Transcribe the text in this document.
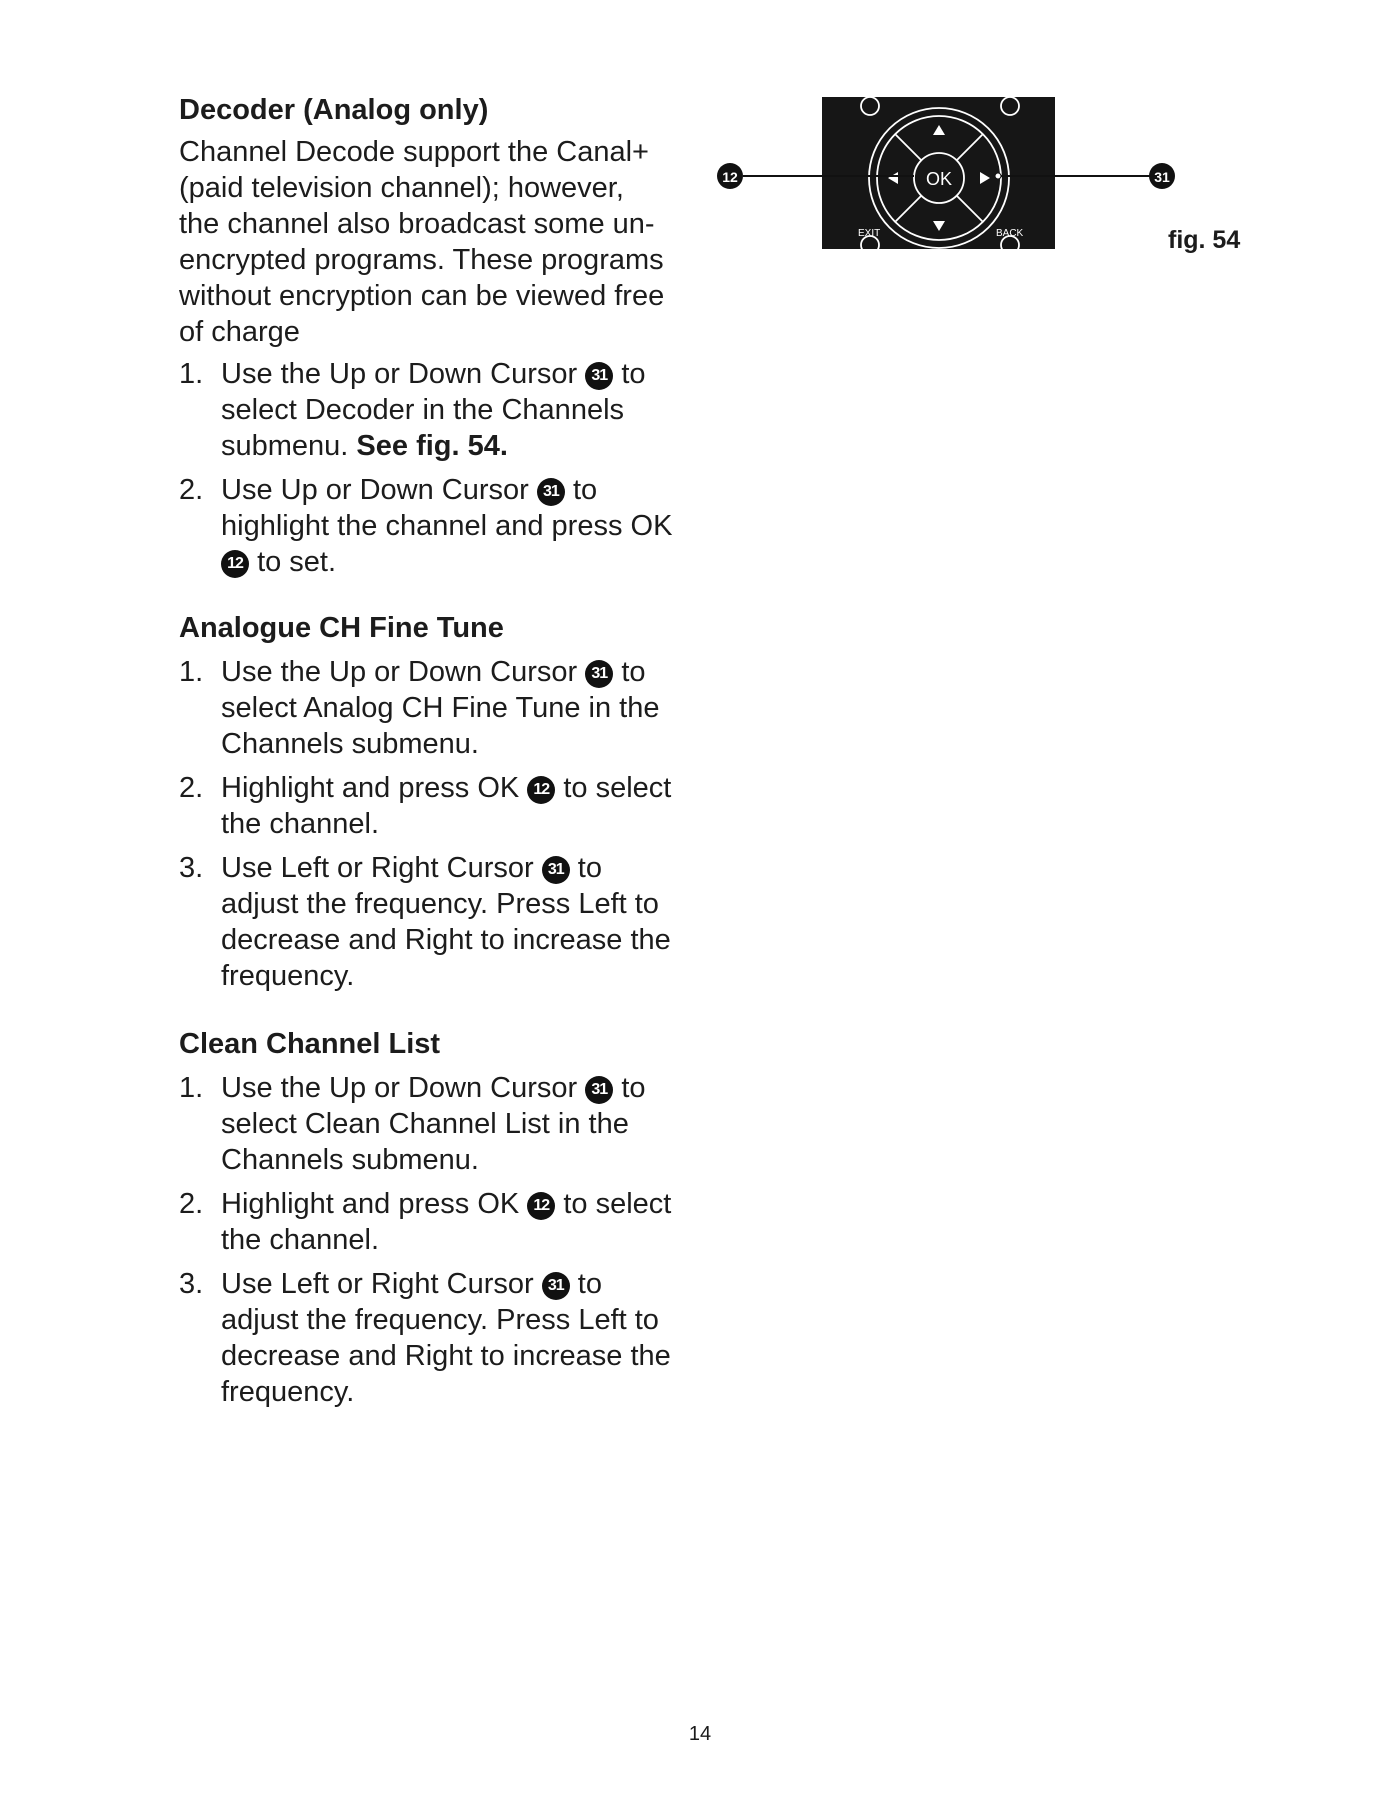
Decoder (Analog only)
Channel Decode support the Canal+
(paid television channel); however,
the channel also broadcast some un-
encrypted programs. These programs
without encryption can be viewed free
of charge
1. Use the Up or Down Cursor 31 to
select Decoder in the Channels
submenu. See fig. 54.
2. Use Up or Down Cursor 31 to
highlight the channel and press OK
12 to set.
Analogue CH Fine Tune
1. Use the Up or Down Cursor 31 to
select Analog CH Fine Tune in the
Channels submenu.
2. Highlight and press OK 12 to select
the channel.
3. Use Left or Right Cursor 31 to
adjust the frequency. Press Left to
decrease and Right to increase the
frequency.
Clean Channel List
1. Use the Up or Down Cursor 31 to
select Clean Channel List in the
Channels submenu.
2. Highlight and press OK 12 to select
the channel.
3. Use Left or Right Cursor 31 to
adjust the frequency. Press Left to
decrease and Right to increase the
frequency.
OK
EXIT	BACK
12	31
fig. 54
14
